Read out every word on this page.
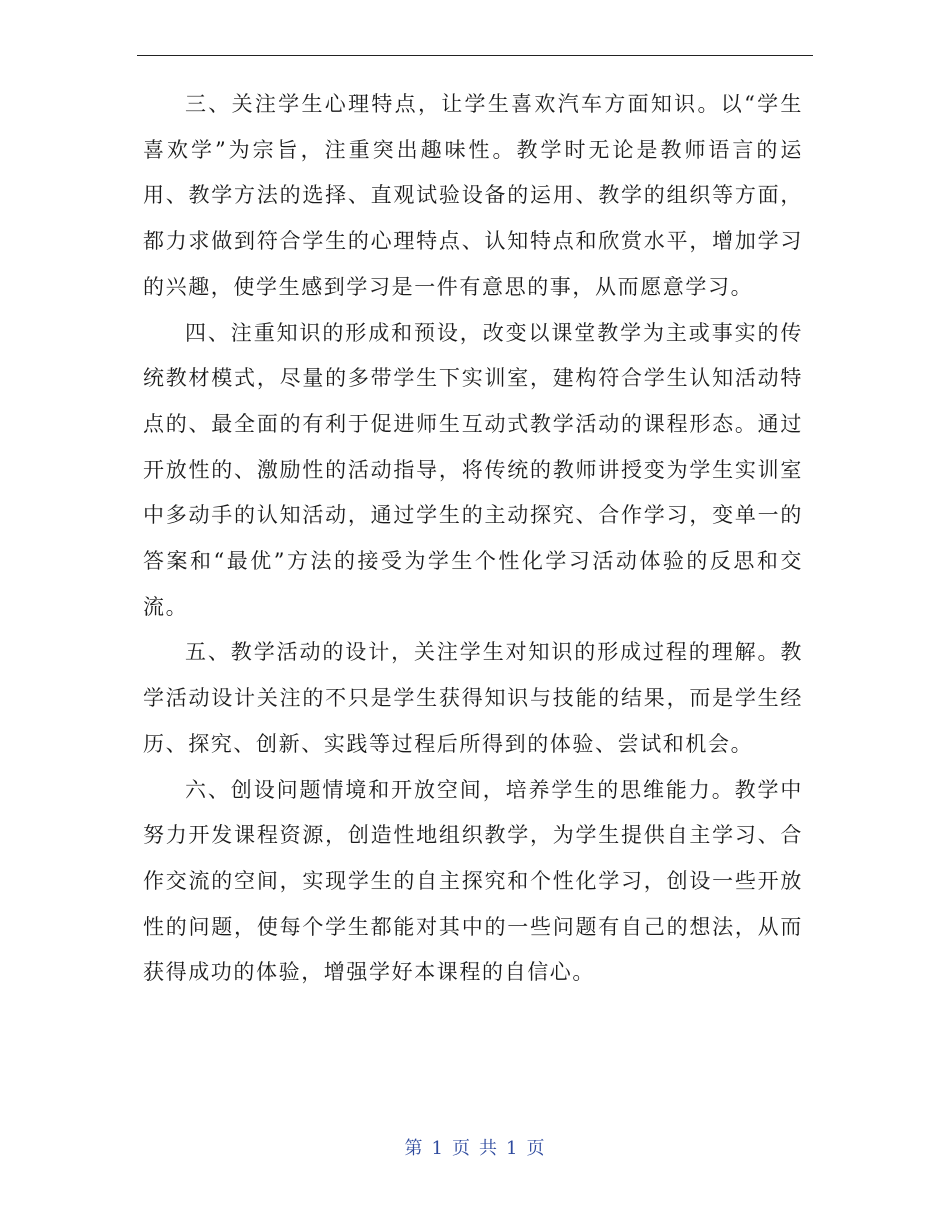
三、关注学生心理特点，让学生喜欢汽车方面知识。以“学生喜欢学”为宗旨，注重突出趣味性。教学时无论是教师语言的运用、教学方法的选择、直观试验设备的运用、教学的组织等方面，都力求做到符合学生的心理特点、认知特点和欣赏水平，增加学习的兴趣，使学生感到学习是一件有意思的事，从而愿意学习。

四、注重知识的形成和预设，改变以课堂教学为主或事实的传统教材模式，尽量的多带学生下实训室，建构符合学生认知活动特点的、最全面的有利于促进师生互动式教学活动的课程形态。通过开放性的、激励性的活动指导，将传统的教师讲授变为学生实训室中多动手的认知活动，通过学生的主动探究、合作学习，变单一的答案和“最优”方法的接受为学生个性化学习活动体验的反思和交流。

五、教学活动的设计，关注学生对知识的形成过程的理解。教学活动设计关注的不只是学生获得知识与技能的结果，而是学生经历、探究、创新、实践等过程后所得到的体验、尝试和机会。

六、创设问题情境和开放空间，培养学生的思维能力。教学中努力开发课程资源，创造性地组织教学，为学生提供自主学习、合作交流的空间，实现学生的自主探究和个性化学习，创设一些开放性的问题，使每个学生都能对其中的一些问题有自己的想法，从而获得成功的体验，增强学好本课程的自信心。

第 1 页 共 1 页
